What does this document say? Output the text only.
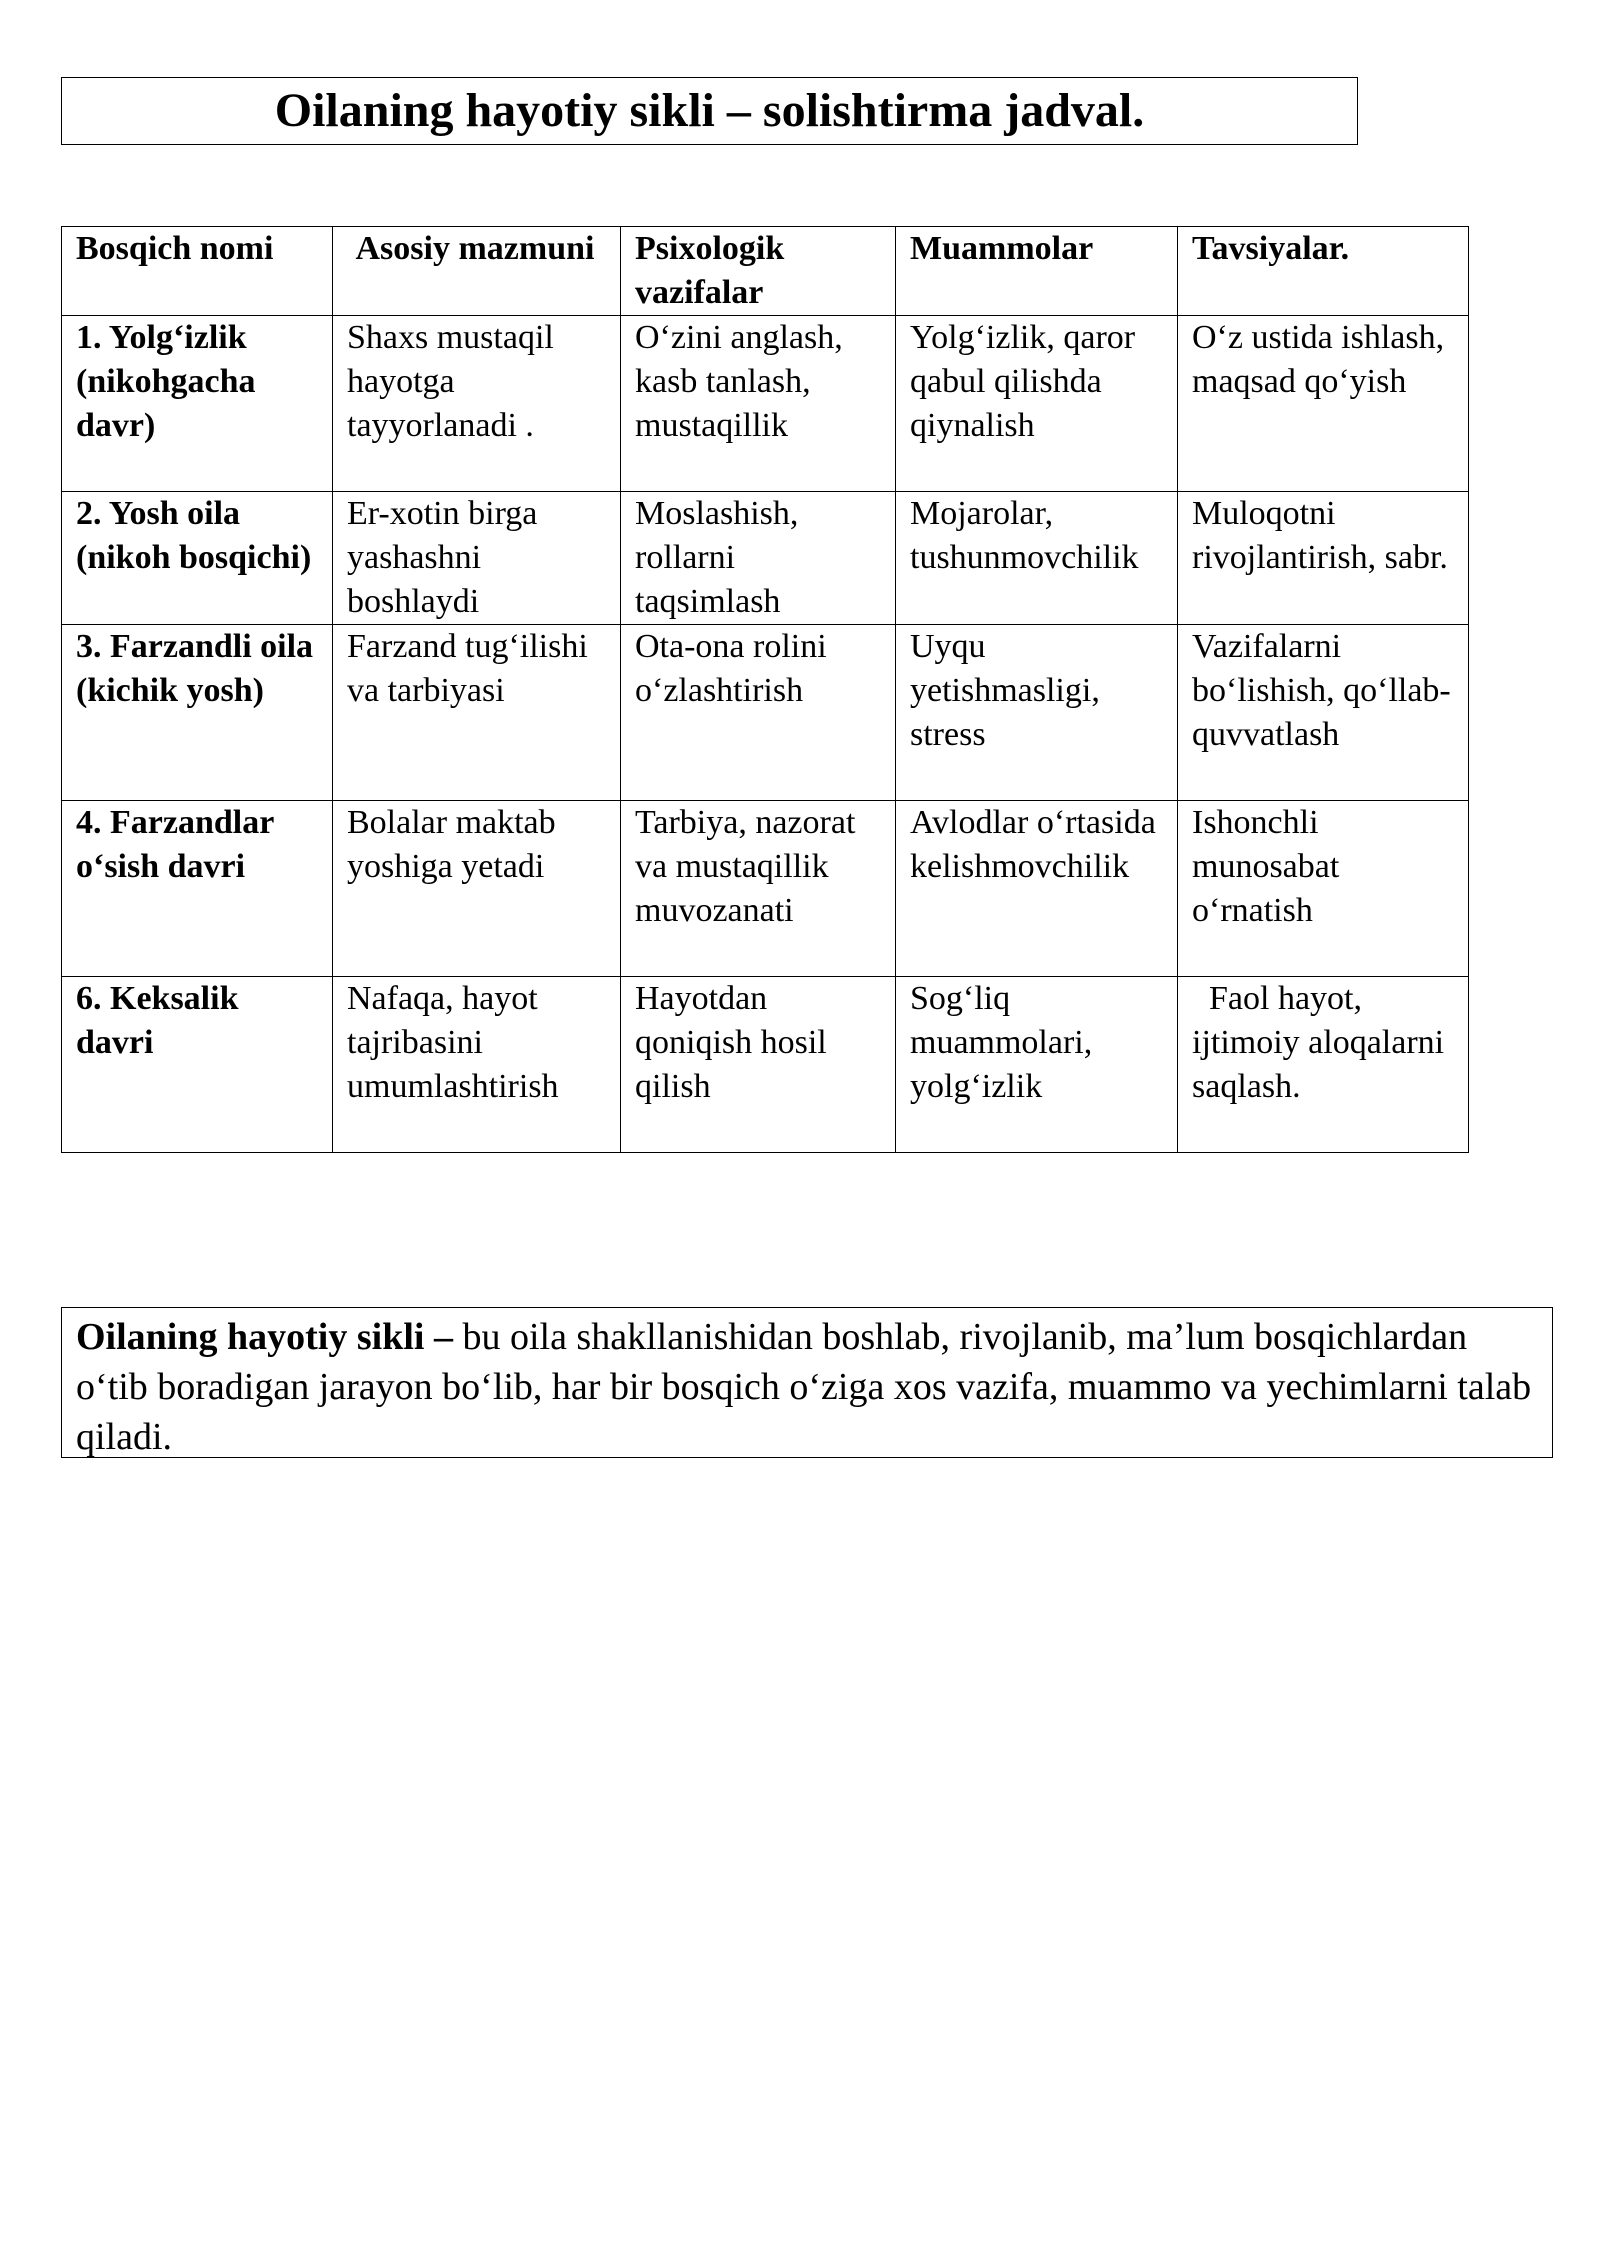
Oilaning hayotiy sikli – solishtirma jadval.
Bosqich nomi	Asosiy mazmuni	Psixologik vazifalar	Muammolar	Tavsiyalar.
1. Yolg‘izlik (nikohgacha davr)	Shaxs mustaqil hayotga tayyorlanadi .	O‘zini anglash, kasb tanlash, mustaqillik	Yolg‘izlik, qaror qabul qilishda qiynalish	O‘z ustida ishlash, maqsad qo‘yish
2. Yosh oila (nikoh bosqichi)	Er-xotin birga yashashni boshlaydi	Moslashish, rollarni taqsimlash	Mojarolar, tushunmovchilik	Muloqotni rivojlantirish, sabr.
3. Farzandli oila (kichik yosh)	Farzand tug‘ilishi va tarbiyasi	Ota-ona rolini o‘zlashtirish	Uyqu yetishmasligi, stress	Vazifalarni bo‘lishish, qo‘llab-quvvatlash
4. Farzandlar o‘sish davri	Bolalar maktab yoshiga yetadi	Tarbiya, nazorat va mustaqillik muvozanati	Avlodlar o‘rtasida kelishmovchilik	Ishonchli munosabat o‘rnatish
6. Keksalik davri	Nafaqa, hayot tajribasini umumlashtirish	Hayotdan qoniqish hosil qilish	Sog‘liq muammolari, yolg‘izlik	Faol hayot, ijtimoiy aloqalarni saqlash.
Oilaning hayotiy sikli – bu oila shakllanishidan boshlab, rivojlanib, ma’lum bosqichlardan o‘tib boradigan jarayon bo‘lib, har bir bosqich o‘ziga xos vazifa, muammo va yechimlarni talab qiladi.
